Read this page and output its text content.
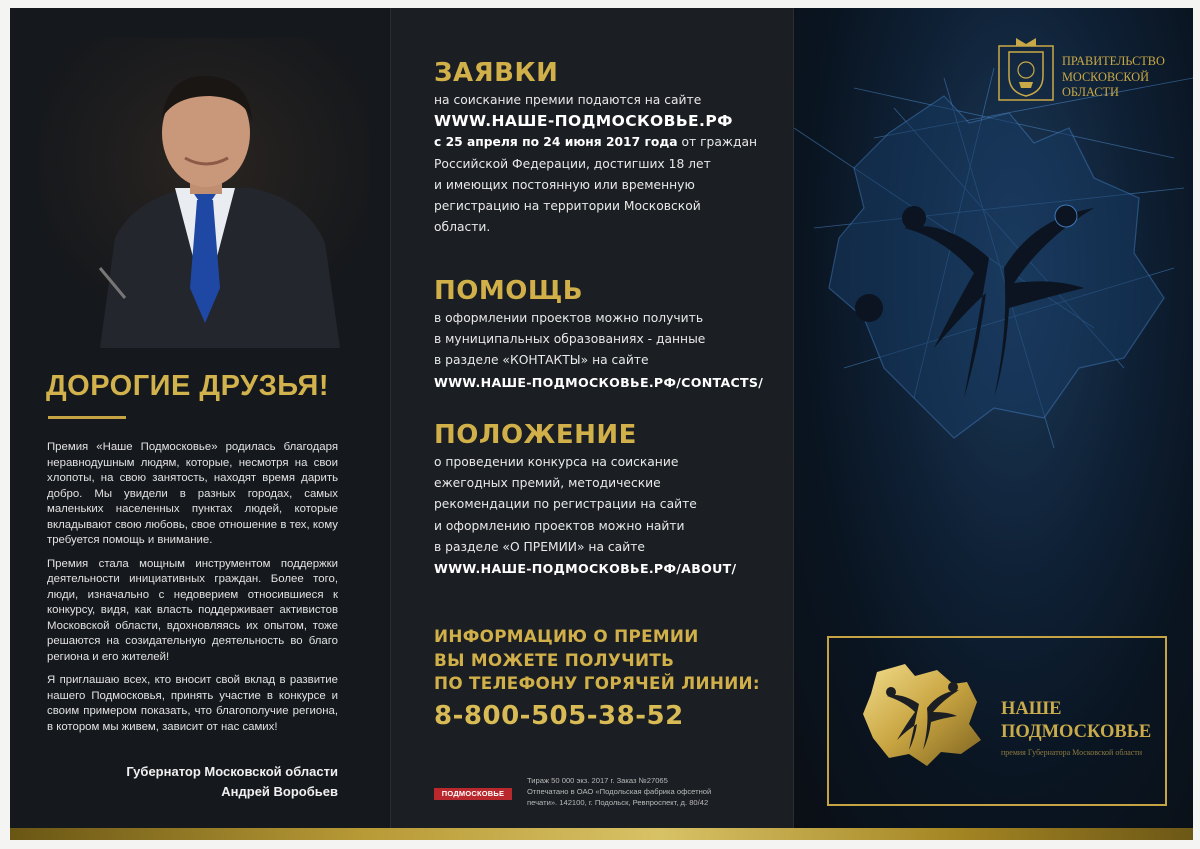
ДОРОГИЕ ДРУЗЬЯ!

Премия «Наше Подмосковье» родилась благодаря неравнодушным людям, которые, несмотря на свои хлопоты, на свою занятость, находят время дарить добро. Мы увидели в разных городах, самых маленьких населенных пунктах людей, которые вкладывают свою любовь, свое отношение в тех, кому требуется помощь и внимание.

Премия стала мощным инструментом поддержки деятельности инициативных граждан. Более того, люди, изначально с недоверием относившиеся к конкурсу, видя, как власть поддерживает активистов Московской области, вдохновляясь их опытом, тоже решаются на созидательную деятельность во благо региона и его жителей!

Я приглашаю всех, кто вносит свой вклад в развитие нашего Подмосковья, принять участие в конкурсе и своим примером показать, что благополучие региона, в котором мы живем, зависит от нас самих!

Губернатор Московской области
Андрей Воробьев
ЗАЯВКИ
на соискание премии подаются на сайте
WWW.НАШЕ-ПОДМОСКОВЬЕ.РФ
с 25 апреля по 24 июня 2017 года от граждан
Российской Федерации, достигших 18 лет
и имеющих постоянную или временную
регистрацию на территории Московской
области.
ПОМОЩЬ
в оформлении проектов можно получить
в муниципальных образованиях - данные
в разделе «КОНТАКТЫ» на сайте
WWW.НАШЕ-ПОДМОСКОВЬЕ.РФ/CONTACTS/
ПОЛОЖЕНИЕ
о проведении конкурса на соискание
ежегодных премий, методические
рекомендации по регистрации на сайте
и оформлению проектов можно найти
в разделе «О ПРЕМИИ» на сайте
WWW.НАШЕ-ПОДМОСКОВЬЕ.РФ/ABOUT/
ИНФОРМАЦИЮ О ПРЕМИИ
ВЫ МОЖЕТЕ ПОЛУЧИТЬ
ПО ТЕЛЕФОНУ ГОРЯЧЕЙ ЛИНИИ:
8-800-505-38-52
ПОДМОСКОВЬЕ
Тираж 50 000 экз. 2017 г. Заказ №27065
Отпечатано в ОАО «Подольская фабрика офсетной
печати». 142100, г. Подольск, Ревпроспект, д. 80/42
ПРАВИТЕЛЬСТВО
МОСКОВСКОЙ
ОБЛАСТИ
НАШЕ
ПОДМОСКОВЬЕ
премия Губернатора Московской области
